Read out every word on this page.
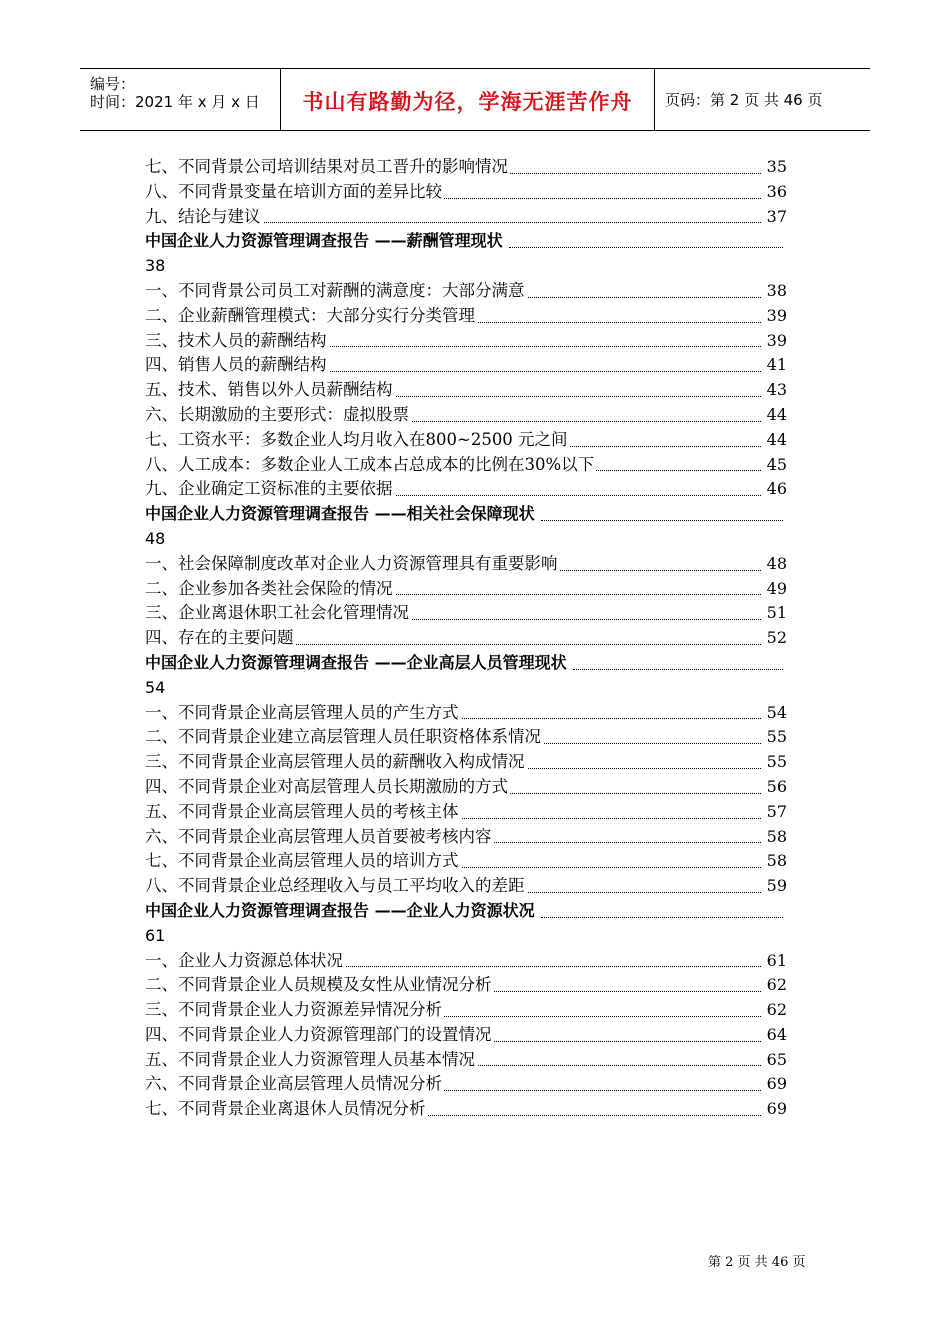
编号：
时间：2021 年 x 月 x 日	书山有路勤为径，学海无涯苦作舟	页码：第 2 页 共 46 页
七、不同背景公司培训结果对员工晋升的影响情况	35
八、不同背景变量在培训方面的差异比较	36
九、结论与建议	37
中国企业人力资源管理调查报告 ——薪酬管理现状
38
一、不同背景公司员工对薪酬的满意度：大部分满意	38
二、企业薪酬管理模式：大部分实行分类管理	39
三、技术人员的薪酬结构	39
四、销售人员的薪酬结构	41
五、技术、销售以外人员薪酬结构	43
六、长期激励的主要形式：虚拟股票	44
七、工资水平：多数企业人均月收入在800~2500 元之间	44
八、人工成本：多数企业人工成本占总成本的比例在30%以下	45
九、企业确定工资标准的主要依据	46
中国企业人力资源管理调查报告 ——相关社会保障现状
48
一、社会保障制度改革对企业人力资源管理具有重要影响	48
二、企业参加各类社会保险的情况	49
三、企业离退休职工社会化管理情况	51
四、存在的主要问题	52
中国企业人力资源管理调查报告 ——企业高层人员管理现状
54
一、不同背景企业高层管理人员的产生方式	54
二、不同背景企业建立高层管理人员任职资格体系情况	55
三、不同背景企业高层管理人员的薪酬收入构成情况	55
四、不同背景企业对高层管理人员长期激励的方式	56
五、不同背景企业高层管理人员的考核主体	57
六、不同背景企业高层管理人员首要被考核内容	58
七、不同背景企业高层管理人员的培训方式	58
八、不同背景企业总经理收入与员工平均收入的差距	59
中国企业人力资源管理调查报告 ——企业人力资源状况
61
一、企业人力资源总体状况	61
二、不同背景企业人员规模及女性从业情况分析	62
三、不同背景企业人力资源差异情况分析	62
四、不同背景企业人力资源管理部门的设置情况	64
五、不同背景企业人力资源管理人员基本情况	65
六、不同背景企业高层管理人员情况分析	69
七、不同背景企业离退休人员情况分析	69
第 2 页 共 46 页
